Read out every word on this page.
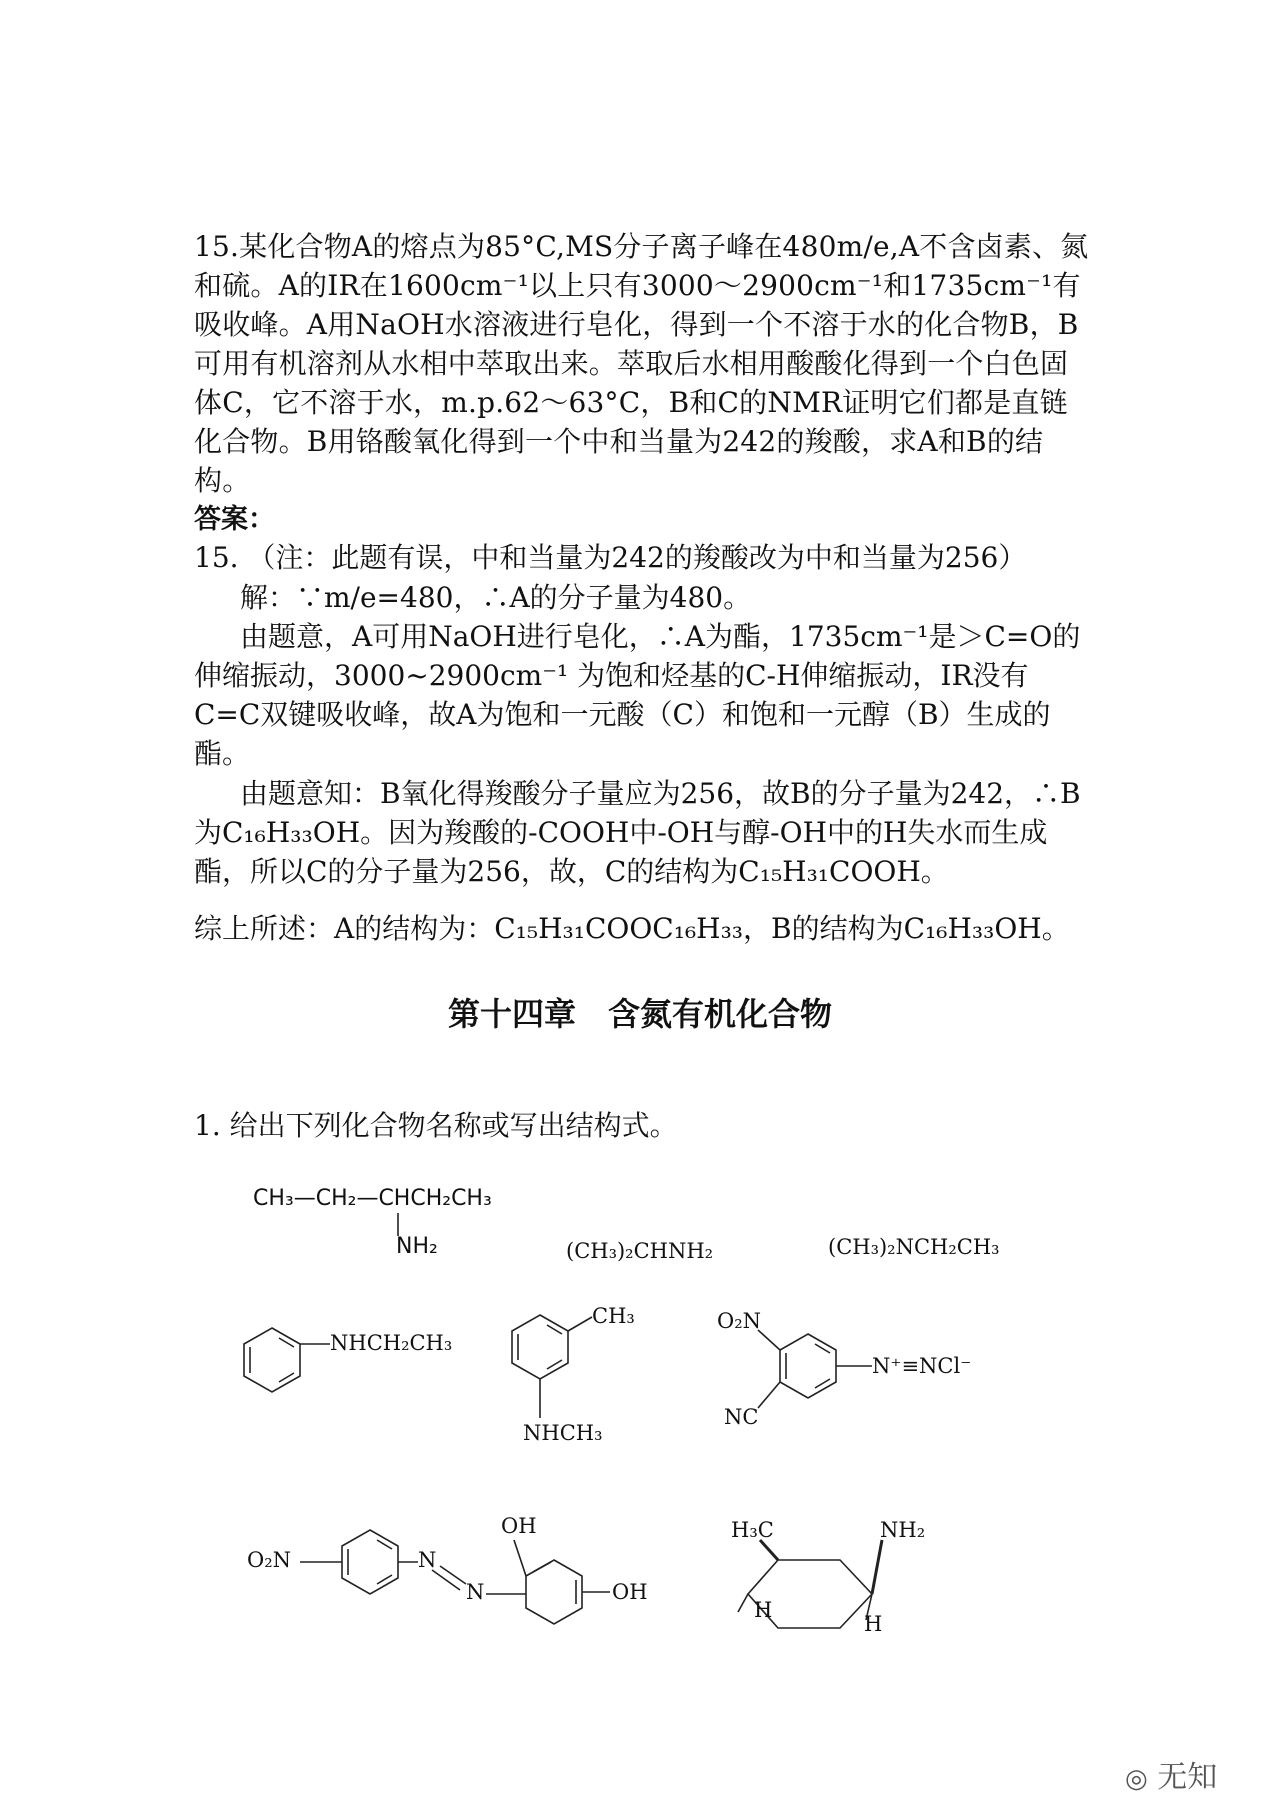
15.某化合物A的熔点为85°C,MS分子离子峰在480m/e,A不含卤素、氮和硫。A的IR在1600cm⁻¹以上只有3000～2900cm⁻¹和1735cm⁻¹有吸收峰。A用NaOH水溶液进行皂化，得到一个不溶于水的化合物B，B可用有机溶剂从水相中萃取出来。萃取后水相用酸酸化得到一个白色固体C，它不溶于水，m.p.62～63°C，B和C的NMR证明它们都是直链化合物。B用铬酸氧化得到一个中和当量为242的羧酸，求A和B的结构。

答案：
15. （注：此题有误，中和当量为242的羧酸改为中和当量为256）
解：∵m/e=480，∴A的分子量为480。

由题意，A可用NaOH进行皂化，∴A为酯，1735cm⁻¹是＞C=O的伸缩振动，3000~2900cm⁻¹ 为饱和烃基的C-H伸缩振动，IR没有C=C双键吸收峰，故A为饱和一元酸（C）和饱和一元醇（B）生成的酯。

由题意知：B氧化得羧酸分子量应为256，故B的分子量为242，∴B为C₁₆H₃₃OH。因为羧酸的-COOH中-OH与醇-OH中的H失水而生成酯，所以C的分子量为256，故，C的结构为C₁₅H₃₁COOH。

综上所述：A的结构为：C₁₅H₃₁COOC₁₆H₃₃，B的结构为C₁₆H₃₃OH。
第十四章　含氮有机化合物
1. 给出下列化合物名称或写出结构式。
CH₃—CH₂—CHCH₂CH₃
NH₂	(CH₃)₂CHNH₂	(CH₃)₂NCH₂CH₃
NHCH₂CH₃
CH₃
NHCH₃
O₂N
N⁺≡NCl⁻
NC
O₂N	N
N
OH
OH
H₃C	NH₂
H
H
◎ 无知
